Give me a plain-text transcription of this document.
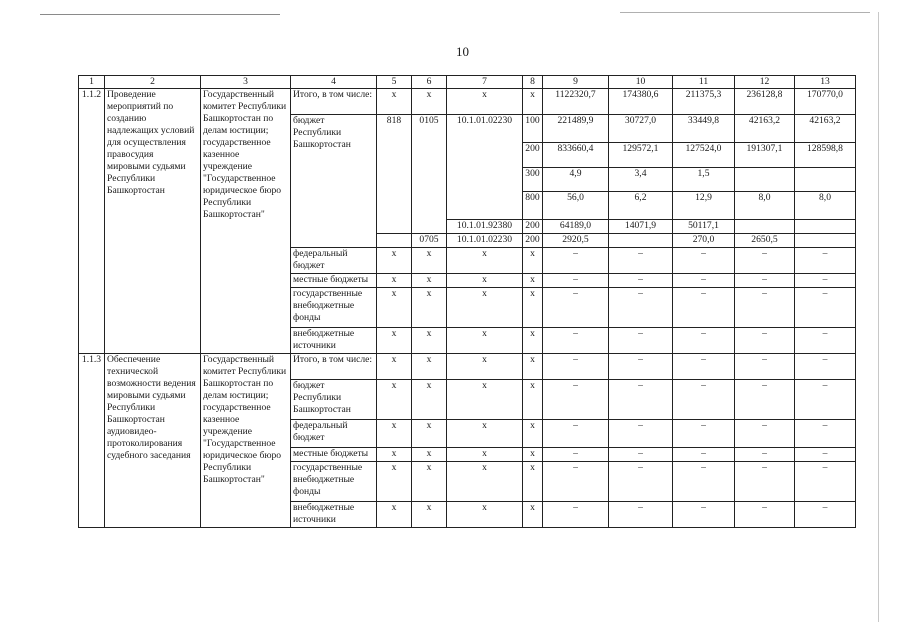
10
1	2	3	4	5	6	7	8	9	10	11	12	13
1.1.2	Проведение мероприятий по созданию надлежащих условий для осуществления правосудия мировыми судьями Республики Башкортостан	Государственный комитет Республики Башкортостан по делам юстиции; государственное казенное учреждение "Государственное юридическое бюро Республики Башкортостан"	Итого, в том числе:	x	x	x	x	1122320,7	174380,6	211375,3	236128,8	170770,0
			бюджет Республики Башкортостан	818	0105	10.1.01.02230	100	221489,9	30727,0	33449,8	42163,2	42163,2
							200	833660,4	129572,1	127524,0	191307,1	128598,8
							300	4,9	3,4	1,5		
							800	56,0	6,2	12,9	8,0	8,0
						10.1.01.92380	200	64189,0	14071,9	50117,1		
					0705	10.1.01.02230	200	2920,5		270,0	2650,5	
			федеральный бюджет	x	x	x	x	–	–	–	–	–
			местные бюджеты	x	x	x	x	–	–	–	–	–
			государственные внебюджетные фонды	x	x	x	x	–	–	–	–	–
			внебюджетные источники	x	x	x	x	–	–	–	–	–
1.1.3	Обеспечение технической возможности ведения мировыми судьями Республики Башкортостан аудиовидео-протоколирования судебного заседания	Государственный комитет Республики Башкортостан по делам юстиции; государственное казенное учреждение "Государственное юридическое бюро Республики Башкортостан"	Итого, в том числе:	x	x	x	x	–	–	–	–	–
			бюджет Республики Башкортостан	x	x	x	x	–	–	–	–	–
			федеральный бюджет	x	x	x	x	–	–	–	–	–
			местные бюджеты	x	x	x	x	–	–	–	–	–
			государственные внебюджетные фонды	x	x	x	x	–	–	–	–	–
			внебюджетные источники	x	x	x	x	–	–	–	–	–
